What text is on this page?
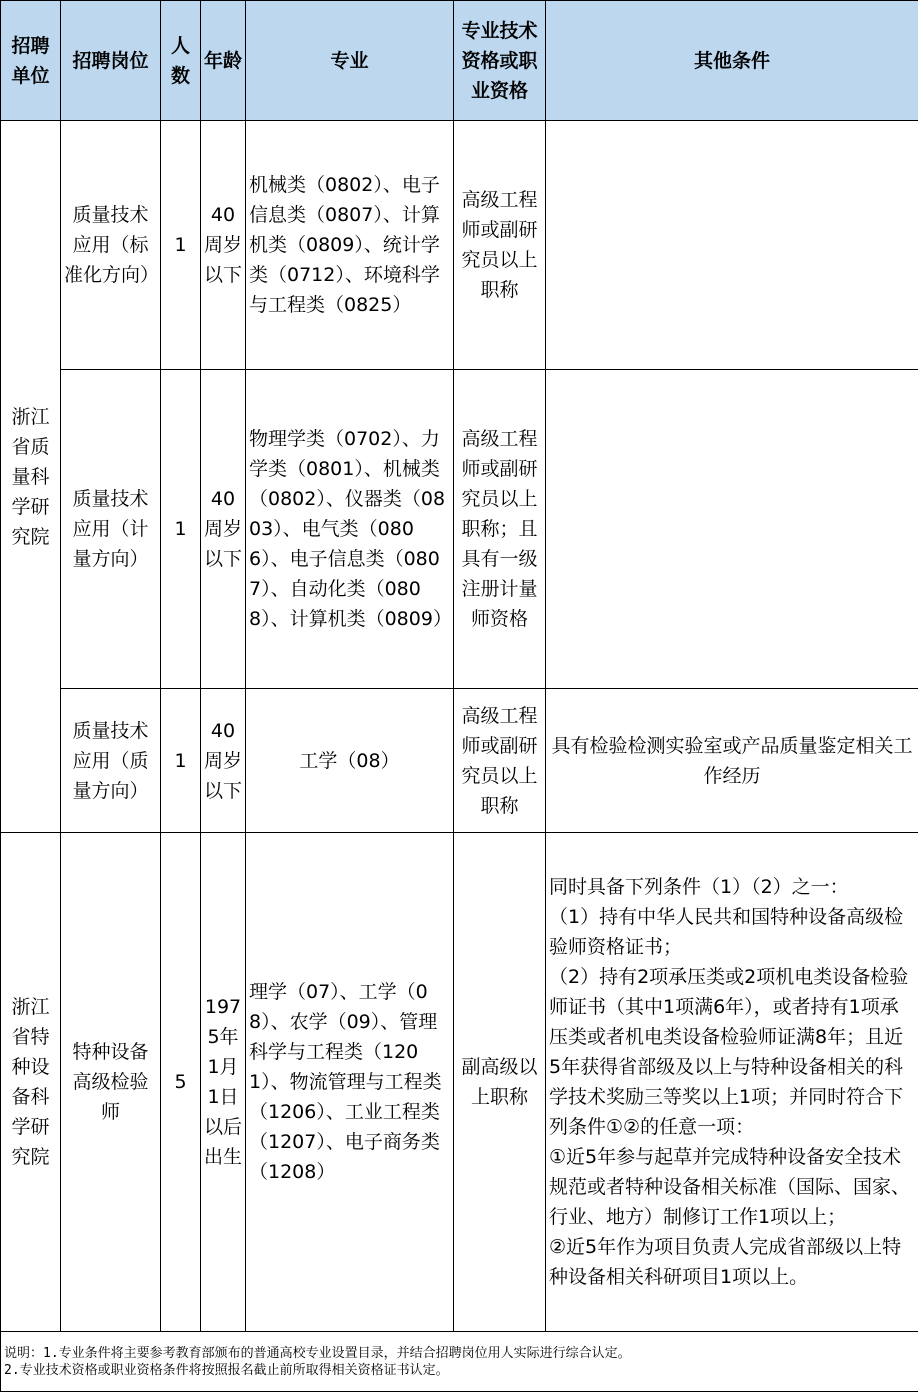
招聘单位	招聘岗位	人数	年龄	专业	专业技术资格或职业资格	其他条件
浙江省质量科学研究院	质量技术应用（标准化方向）	1	40周岁以下	机械类（0802）、电子信息类（0807）、计算机类（0809）、统计学类（0712）、环境科学与工程类（0825）	高级工程师或副研究员以上职称	
	质量技术应用（计量方向）	1	40周岁以下	物理学类（0702）、力学类（0801）、机械类（0802）、仪器类（0803）、电气类（0806）、电子信息类（0807）、自动化类（0808）、计算机类（0809）	高级工程师或副研究员以上职称；且具有一级注册计量师资格	
	质量技术应用（质量方向）	1	40周岁以下	工学（08）	高级工程师或副研究员以上职称	具有检验检测实验室或产品质量鉴定相关工作经历
浙江省特种设备科学研究院	特种设备高级检验师	5	1975年1月1日以后出生	理学（07）、工学（08）、农学（09）、管理科学与工程类（1201）、物流管理与工程类（1206）、工业工程类（1207）、电子商务类（1208）	副高级以上职称	同时具备下列条件（1）（2）之一：
（1）持有中华人民共和国特种设备高级检验师资格证书；
（2）持有2项承压类或2项机电类设备检验师证书（其中1项满6年），或者持有1项承压类或者机电类设备检验师证满8年；且近5年获得省部级及以上与特种设备相关的科学技术奖励三等奖以上1项；并同时符合下列条件①②的任意一项：
①近5年参与起草并完成特种设备安全技术规范或者特种设备相关标准（国际、国家、行业、地方）制修订工作1项以上；
②近5年作为项目负责人完成省部级以上特种设备相关科研项目1项以上。

说明：1.专业条件将主要参考教育部颁布的普通高校专业设置目录，并结合招聘岗位用人实际进行综合认定。
2.专业技术资格或职业资格条件将按照报名截止前所取得相关资格证书认定。						
